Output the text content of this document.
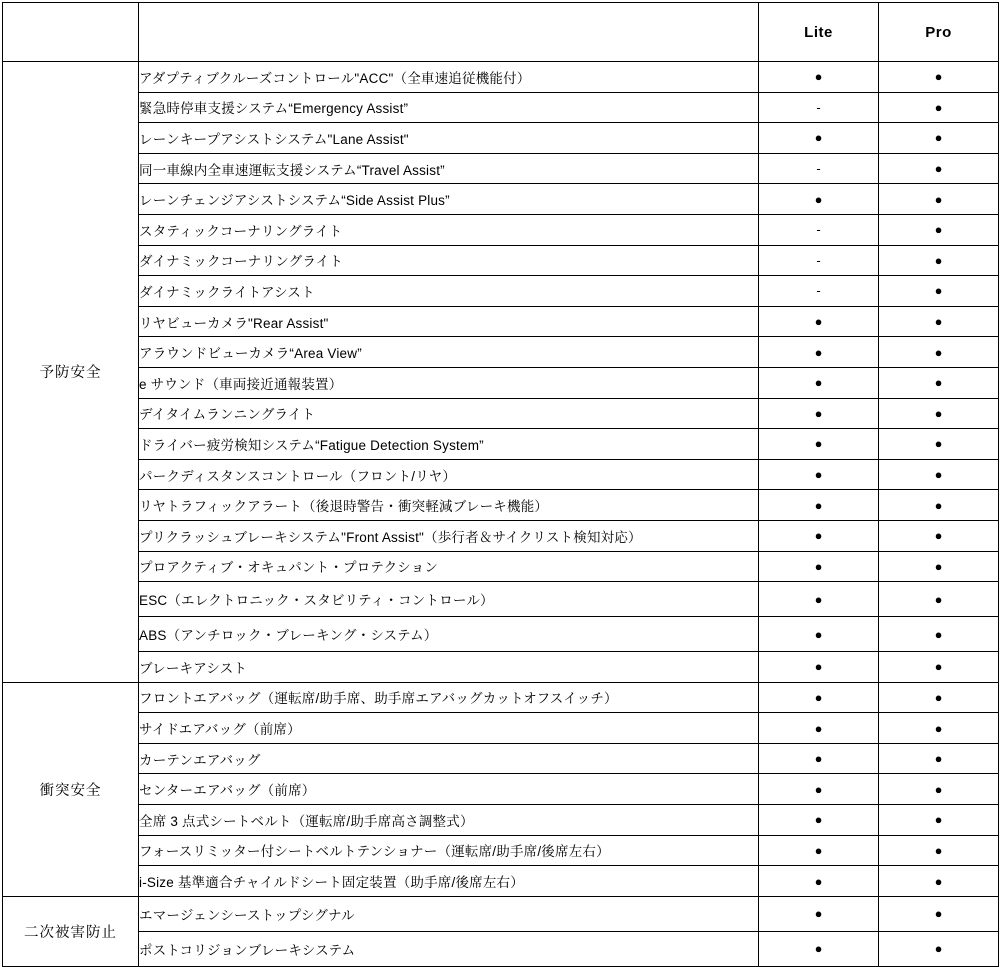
		Lite	Pro
予防安全	アダプティブクルーズコントロール"ACC"（全車速追従機能付）	●	●
	緊急時停車支援システム“Emergency Assist”	-	●
	レーンキープアシストシステム"Lane Assist"	●	●
	同一車線内全車速運転支援システム“Travel Assist”	-	●
	レーンチェンジアシストシステム“Side Assist Plus”	●	●
	スタティックコーナリングライト	-	●
	ダイナミックコーナリングライト	-	●
	ダイナミックライトアシスト	-	●
	リヤビューカメラ"Rear Assist"	●	●
	アラウンドビューカメラ“Area View”	●	●
	e サウンド（車両接近通報装置）	●	●
	デイタイムランニングライト	●	●
	ドライバー疲労検知システム“Fatigue Detection System”	●	●
	パークディスタンスコントロール（フロント/リヤ）	●	●
	リヤトラフィックアラート（後退時警告・衝突軽減ブレーキ機能）	●	●
	プリクラッシュブレーキシステム"Front Assist"（歩行者＆サイクリスト検知対応）	●	●
	プロアクティブ・オキュパント・プロテクション	●	●
	ESC（エレクトロニック・スタビリティ・コントロール）	●	●
	ABS（アンチロック・ブレーキング・システム）	●	●
	ブレーキアシスト	●	●
衝突安全	フロントエアバッグ（運転席/助手席、助手席エアバッグカットオフスイッチ）	●	●
	サイドエアバッグ（前席）	●	●
	カーテンエアバッグ	●	●
	センターエアバッグ（前席）	●	●
	全席 3 点式シートベルト（運転席/助手席高さ調整式）	●	●
	フォースリミッター付シートベルトテンショナー（運転席/助手席/後席左右）	●	●
	i-Size 基準適合チャイルドシート固定装置（助手席/後席左右）	●	●
二次被害防止	エマージェンシーストップシグナル	●	●
	ポストコリジョンブレーキシステム	●	●
